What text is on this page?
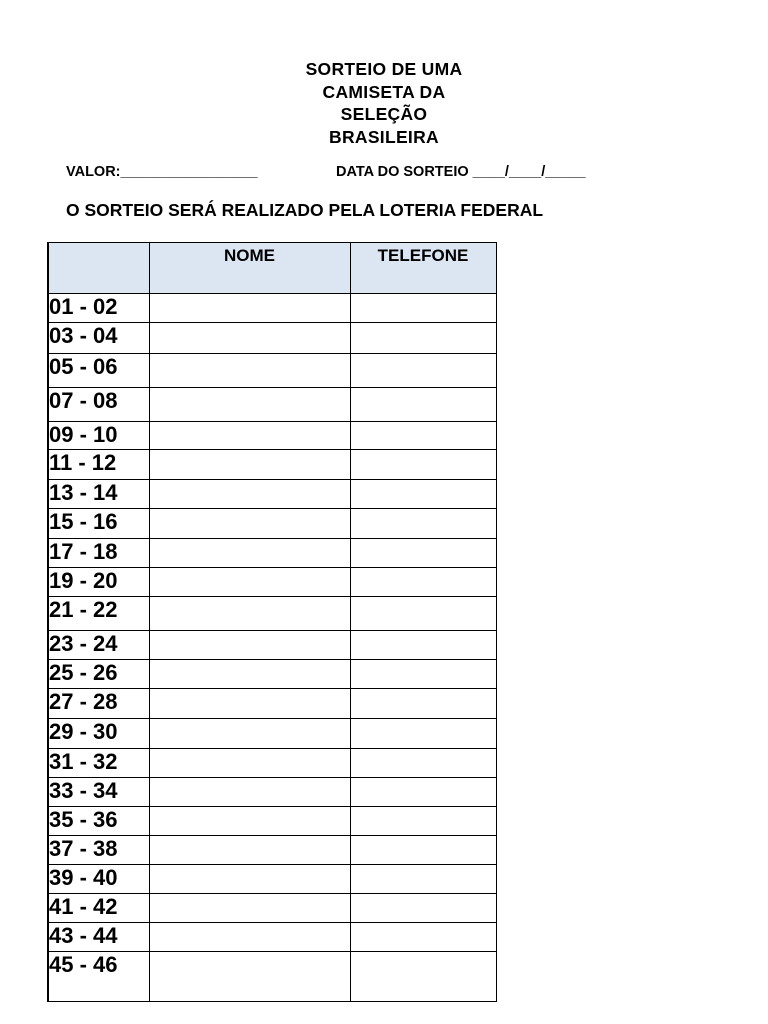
SORTEIO DE UMA
CAMISETA DA
SELEÇÃO
BRASILEIRA
VALOR:_________________	DATA DO SORTEIO ____/____/_____
O SORTEIO SERÁ REALIZADO PELA LOTERIA FEDERAL
	NOME	TELEFONE
01 - 02		
03 - 04		
05 - 06		
07 - 08		
09 - 10		
11 - 12		
13 - 14		
15 - 16		
17 - 18		
19 - 20		
21 - 22		
23 - 24		
25 - 26		
27 - 28		
29 - 30		
31 - 32		
33 - 34		
35 - 36		
37 - 38		
39 - 40		
41 - 42		
43 - 44		
45 - 46		
